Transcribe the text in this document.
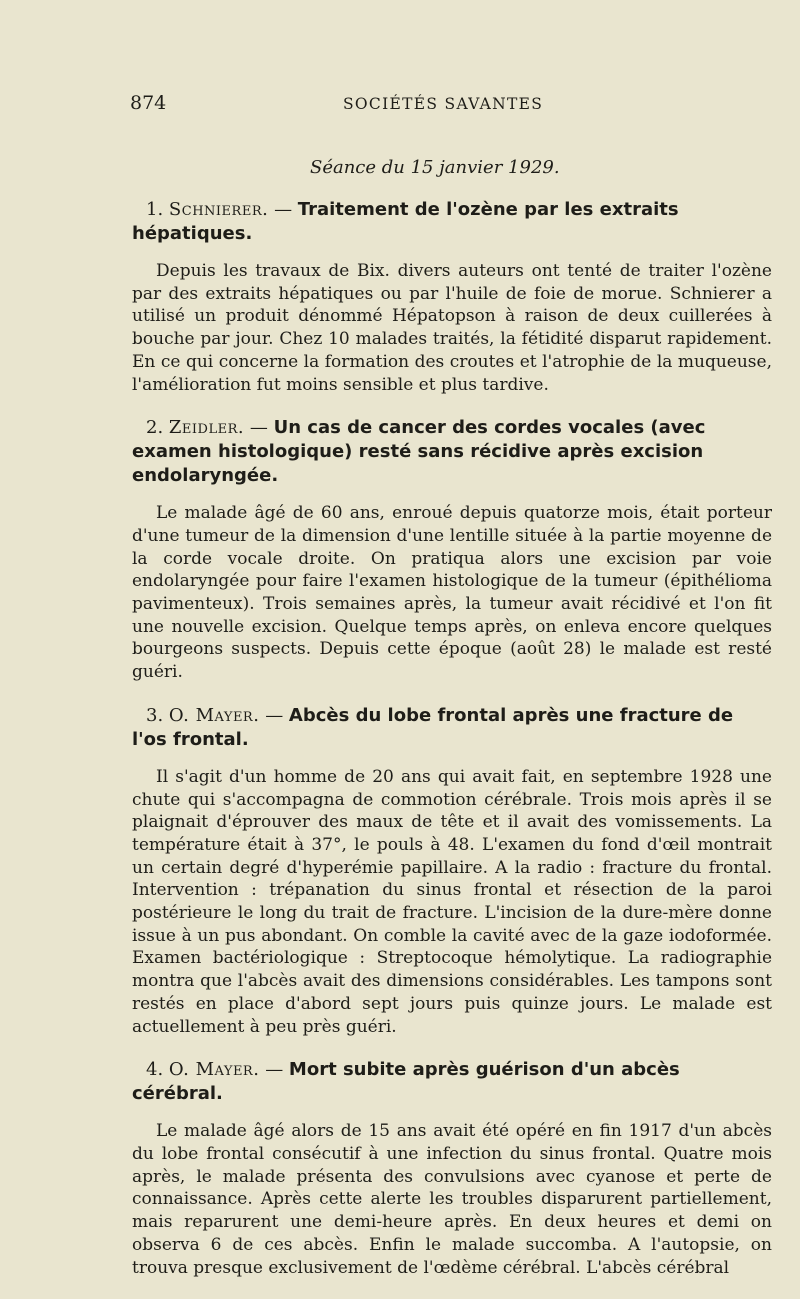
874	SOCIÉTÉS SAVANTES
Séance du 15 janvier 1929.

1. Schnierer. — Traitement de l'ozène par les extraits hépatiques.

Depuis les travaux de Bix. divers auteurs ont tenté de traiter l'ozène par des extraits hépatiques ou par l'huile de foie de morue. Schnierer a utilisé un produit dénommé Hépatopson à raison de deux cuillerées à bouche par jour. Chez 10 malades traités, la fétidité disparut rapidement. En ce qui concerne la formation des croutes et l'atrophie de la muqueuse, l'amélioration fut moins sensible et plus tardive.

2. Zeidler. — Un cas de cancer des cordes vocales (avec examen histologique) resté sans récidive après excision endolaryngée.

Le malade âgé de 60 ans, enroué depuis quatorze mois, était porteur d'une tumeur de la dimension d'une lentille située à la partie moyenne de la corde vocale droite. On pratiqua alors une excision par voie endolaryngée pour faire l'examen histologique de la tumeur (épithélioma pavimenteux). Trois semaines après, la tumeur avait récidivé et l'on fit une nouvelle excision. Quelque temps après, on enleva encore quelques bourgeons suspects. Depuis cette époque (août 28) le malade est resté guéri.

3. O. Mayer. — Abcès du lobe frontal après une fracture de l'os frontal.

Il s'agit d'un homme de 20 ans qui avait fait, en septembre 1928 une chute qui s'accompagna de commotion cérébrale. Trois mois après il se plaignait d'éprouver des maux de tête et il avait des vomissements. La température était à 37°, le pouls à 48. L'examen du fond d'œil montrait un certain degré d'hyperémie papillaire. A la radio : fracture du frontal. Intervention : trépanation du sinus frontal et résection de la paroi postérieure le long du trait de fracture. L'incision de la dure-mère donne issue à un pus abondant. On comble la cavité avec de la gaze iodoformée. Examen bactériologique : Streptocoque hémolytique. La radiographie montra que l'abcès avait des dimensions considérables. Les tampons sont restés en place d'abord sept jours puis quinze jours. Le malade est actuellement à peu près guéri.

4. O. Mayer. — Mort subite après guérison d'un abcès cérébral.

Le malade âgé alors de 15 ans avait été opéré en fin 1917 d'un abcès du lobe frontal consécutif à une infection du sinus frontal. Quatre mois après, le malade présenta des convulsions avec cyanose et perte de connaissance. Après cette alerte les troubles disparurent partiellement, mais reparurent une demi-heure après. En deux heures et demi on observa 6 de ces abcès. Enfin le malade succomba. A l'autopsie, on trouva presque exclusivement de l'œdème cérébral. L'abcès cérébral
